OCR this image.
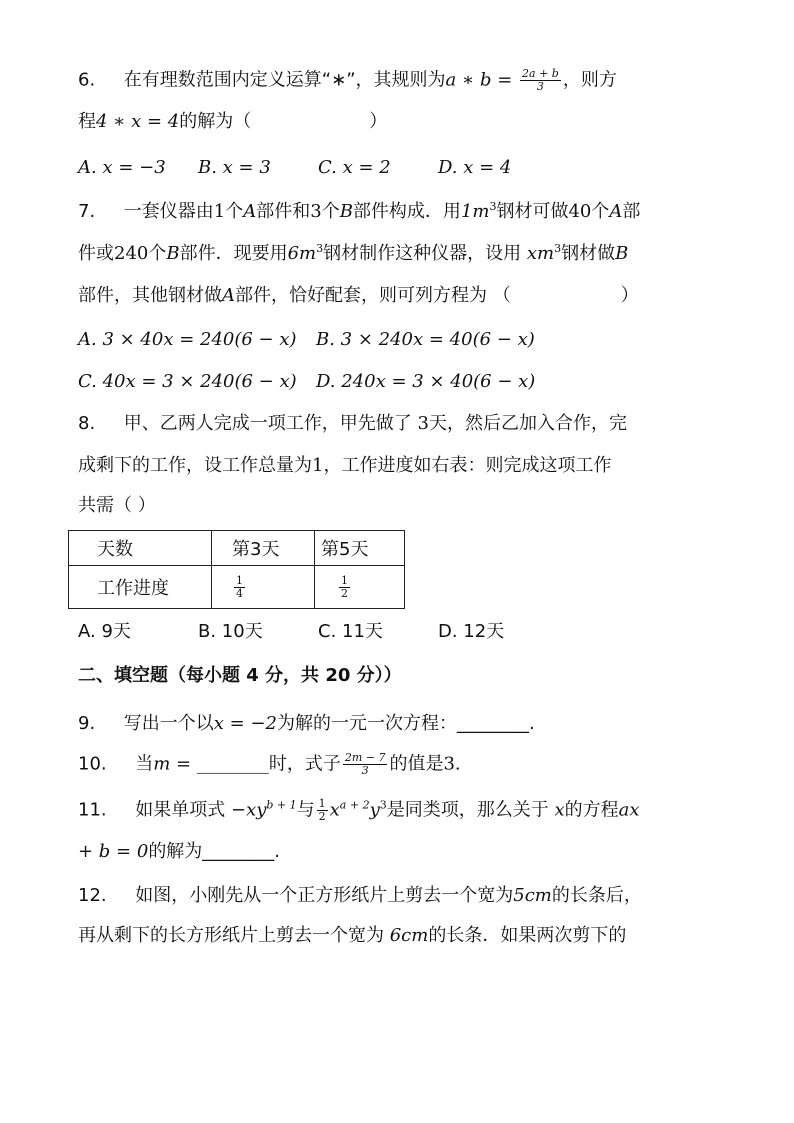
6. 在有理数范围内定义运算“∗”，其规则为a ∗ $b = \frac{2a + b}{3}$ ，则方
程4 ∗ x = 4的解为（	）
A. x = −3 B. x = 3	C. x = 2	D. x = 4
7. 一套仪器由1个A部件和3个B部件构成．用$1m^3$钢材可做40个A部
件或240个B部件．现要用$6m^3$钢材制作这种仪器，设用 $xm^3$钢材做B
部件，其他钢材做A部件，恰好配套，则可列方程为 （	）
A. 3 × 40x = 240(6 − x) B. 3 × 240x = 40(6 − x)
C. 40x = 3 × 240(6 − x) D. 240x = 3 × 40(6 − x)
8. 甲、乙两人完成一项工作，甲先做了 3天，然后乙加入合作，完
成剩下的工作，设工作总量为1，工作进度如右表：则完成这项工作
共需（ ）
天数	第3天	第5天
工作进度	$\frac{1}{4}$	$\frac{1}{2}$
A. 9天	B. 10天	C. 11天	D. 12天
二、填空题（每小题 4 分，共 20 分））
9. 写出一个以x = −2为解的一元一次方程：________.
10. 当m = ________时，式子 $\frac{2m - 7}{3}$ 的值是3.
11. 如果单项式 $-xy^{b + 1}$与 $\frac{1}{2} x^{a + 2}y^3$是同类项，那么关于 x的方程ax
+ b = 0的解为________.
12. 如图，小刚先从一个正方形纸片上剪去一个宽为5cm的长条后，
再从剩下的长方形纸片上剪去一个宽为 6cm的长条．如果两次剪下的
